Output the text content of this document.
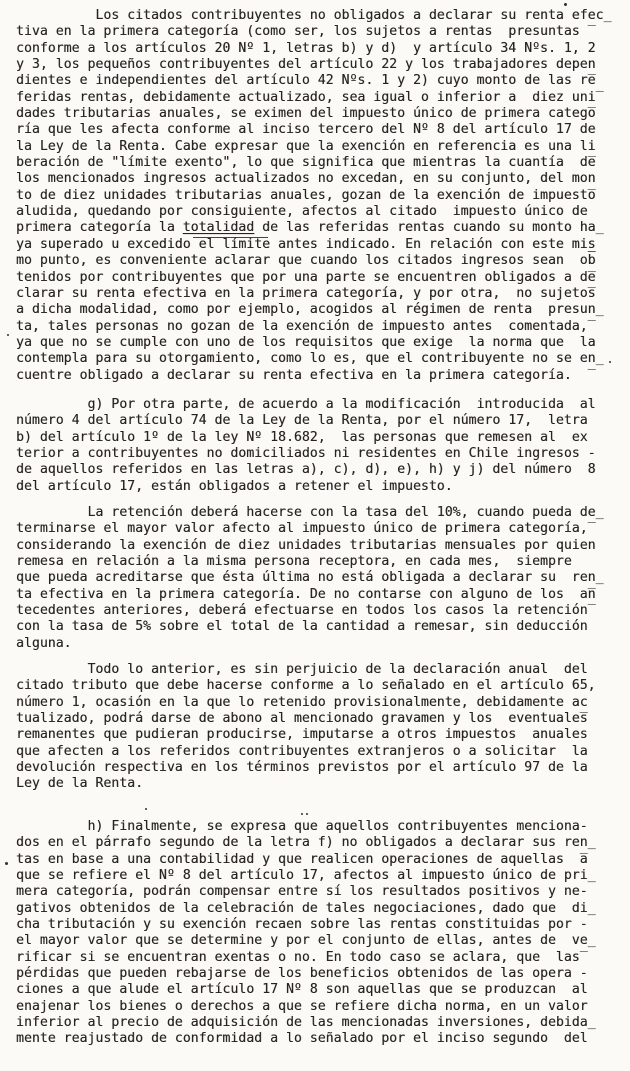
Los citados contribuyentes no obligados a declarar su renta efec̲
tiva en la primera categoría (como ser, los sujetos a rentas  presuntas ‾
conforme a los artículos 20 Nº 1, letras b) y d)  y artículo 34 Nºs. 1, 2
y 3, los pequeños contribuyentes del artículo 22 y los trabajadores depen
dientes e independientes del artículo 42 Nºs. 1 y 2) cuyo monto de las re̅
feridas rentas, debidamente actualizado, sea igual o inferior a  diez uni̅
dades tributarias anuales, se eximen del impuesto único de primera catego̅
ría que les afecta conforme al inciso tercero del Nº 8 del artículo 17 de
la Ley de la Renta. Cabe expresar que la exención en referencia es una li
beración de "límite exento", lo que significa que mientras la cuantía  de̅
los mencionados ingresos actualizados no excedan, en su conjunto, del mon
to de diez unidades tributarias anuales, gozan de la exención de impuesto̅
aludida, quedando por consiguiente, afectos al citado  impuesto único de
primera categoría la totalidad de las referidas rentas cuando su monto ha̲
ya superado u excedido el límite antes indicado. En relación con este mis
mo punto, es conveniente aclarar que cuando los citados ingresos sean  ob̅
tenidos por contribuyentes que por una parte se encuentren obligados a de̅
clarar su renta efectiva en la primera categoría, y por otra,  no sujetos̅
a dicha modalidad, como por ejemplo, acogidos al régimen de renta  presun̲
ta, tales personas no gozan de la exención de impuesto antes  comentada,‾
ya que no se cumple con uno de los requisitos que exige  la norma que  la
contempla para su otorgamiento, como lo es, que el contribuyente no se en̲
cuentre obligado a declarar su renta efectiva en la primera categoría.  ‾
g) Por otra parte, de acuerdo a la modificación  introducida  al
número 4 del artículo 74 de la Ley de la Renta, por el número 17,  letra
b) del artículo 1º de la ley Nº 18.682,  las personas que remesen al  ex
terior a contribuyentes no domiciliados ni residentes en Chile ingresos -
de aquellos referidos en las letras a), c), d), e), h) y j) del número  8
del artículo 17, están obligados a retener el impuesto.
La retención deberá hacerse con la tasa del 10%, cuando pueda de̲
terminarse el mayor valor afecto al impuesto único de primera categoría,‾
considerando la exención de diez unidades tributarias mensuales por quien
remesa en relación a la misma persona receptora, en cada mes,  siempre
que pueda acreditarse que ésta última no está obligada a declarar su  ren̲
ta efectiva en la primera categoría. De no contarse con alguno de los  an̅
tecedentes anteriores, deberá efectuarse en todos los casos la retención‾
con la tasa de 5% sobre el total de la cantidad a remesar, sin deducción
alguna.
Todo lo anterior, es sin perjuicio de la declaración anual  del
citado tributo que debe hacerse conforme a lo señalado en el artículo 65,
número 1, ocasión en la que lo retenido provisionalmente, debidamente ac
tualizado, podrá darse de abono al mencionado gravamen y los  eventuales̅
remanentes que pudieran producirse, imputarse a otros impuestos  anuales
que afecten a los referidos contribuyentes extranjeros o a solicitar  la
devolución respectiva en los términos previstos por el artículo 97 de la
Ley de la Renta.
h) Finalmente, se expresa que aquellos contribuyentes menciona-
dos en el párrafo segundo de la letra f) no obligados a declarar sus ren̲
tas en base a una contabilidad y que realicen operaciones de aquellas  a̅
que se refiere el Nº 8 del artículo 17, afectos al impuesto único de pri̲
mera categoría, podrán compensar entre sí los resultados positivos y ne-
gativos obtenidos de la celebración de tales negociaciones, dado que  di̲
cha tributación y su exención recaen sobre las rentas constituidas por -
el mayor valor que se determine y por el conjunto de ellas, antes de  ve̲
rificar si se encuentran exentas o no. En todo caso se aclara, que  las‾
pérdidas que pueden rebajarse de los beneficios obtenidos de las opera -
ciones a que alude el artículo 17 Nº 8 son aquellas que se produzcan  al
enajenar los bienes o derechos a que se refiere dicha norma, en un valor
inferior al precio de adquisición de las mencionadas inversiones, debida̲
mente reajustado de conformidad a lo señalado por el inciso segundo  del
